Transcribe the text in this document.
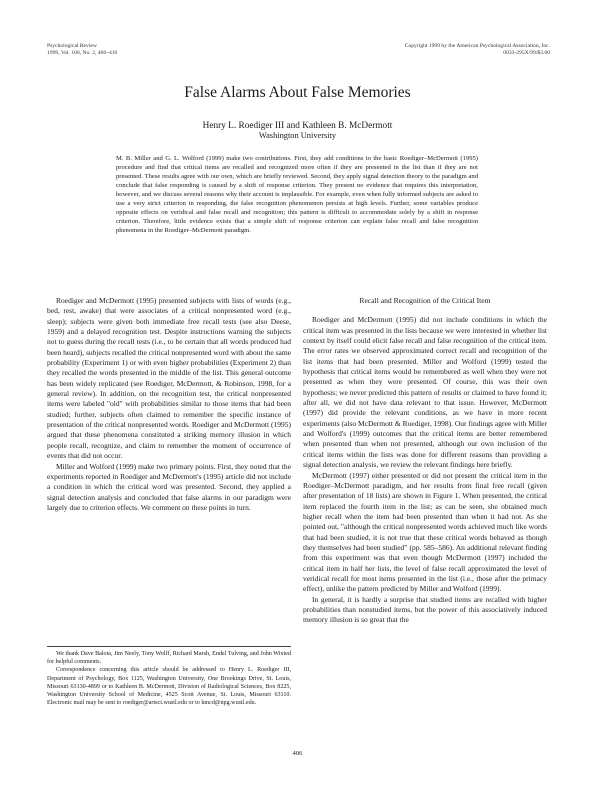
Psychological Review
1999, Vol. 106, No. 2, 406–410
Copyright 1999 by the American Psychological Association, Inc.
0033-295X/99/$3.00
False Alarms About False Memories
Henry L. Roediger III and Kathleen B. McDermott
Washington University

M. B. Miller and G. L. Wolford (1999) make two contributions. First, they add conditions to the basic Roediger–McDermott (1995) procedure and find that critical items are recalled and recognized more often if they are presented in the list than if they are not presented. These results agree with our own, which are briefly reviewed. Second, they apply signal detection theory to the paradigm and conclude that false responding is caused by a shift of response criterion. They present no evidence that requires this interpretation, however, and we discuss several reasons why their account is implausible. For example, even when fully informed subjects are asked to use a very strict criterion in responding, the false recognition phenomenon persists at high levels. Further, some variables produce opposite effects on veridical and false recall and recognition; this pattern is difficult to accommodate solely by a shift in response criterion. Therefore, little evidence exists that a simple shift of response criterion can explain false recall and false recognition phenomena in the Roediger–McDermott paradigm.

Roediger and McDermott (1995) presented subjects with lists of words (e.g., bed, rest, awake) that were associates of a critical nonpresented word (e.g., sleep); subjects were given both immediate free recall tests (see also Deese, 1959) and a delayed recognition test. Despite instructions warning the subjects not to guess during the recall tests (i.e., to be certain that all words produced had been heard), subjects recalled the critical nonpresented word with about the same probability (Experiment 1) or with even higher probabilities (Experiment 2) than they recalled the words presented in the middle of the list. This general outcome has been widely replicated (see Roediger, McDermott, & Robinson, 1998, for a general review). In addition, on the recognition test, the critical nonpresented items were labeled "old" with probabilities similar to those items that had been studied; further, subjects often claimed to remember the specific instance of presentation of the critical nonpresented words. Roediger and McDermott (1995) argued that these phenomena constituted a striking memory illusion in which people recall, recognize, and claim to remember the moment of occurrence of events that did not occur.

Miller and Wolford (1999) make two primary points. First, they noted that the experiments reported in Roediger and McDermott's (1995) article did not include a condition in which the critical word was presented. Second, they applied a signal detection analysis and concluded that false alarms in our paradigm were largely due to criterion effects. We comment on these points in turn.

We thank Dave Balota, Jim Neely, Tony Wolff, Richard Marsh, Endel Tulving, and John Wixted for helpful comments.

Correspondence concerning this article should be addressed to Henry L. Roediger III, Department of Psychology, Box 1125, Washington University, One Brookings Drive, St. Louis, Missouri 63130-4899 or to Kathleen B. McDermott, Division of Radiological Sciences, Box 8225, Washington University School of Medicine, 4525 Scott Avenue, St. Louis, Missouri 63110. Electronic mail may be sent to roediger@artsci.wustl.edu or to kmcd@npg.wustl.edu.

Recall and Recognition of the Critical Item

Roediger and McDermott (1995) did not include conditions in which the critical item was presented in the lists because we were interested in whether list context by itself could elicit false recall and false recognition of the critical item. The error rates we observed approximated correct recall and recognition of the list items that had been presented. Miller and Wolford (1999) tested the hypothesis that critical items would be remembered as well when they were not presented as when they were presented. Of course, this was their own hypothesis; we never predicted this pattern of results or claimed to have found it; after all, we did not have data relevant to that issue. However, McDermott (1997) did provide the relevant conditions, as we have in more recent experiments (also McDermott & Roediger, 1998). Our findings agree with Miller and Wolford's (1999) outcomes that the critical items are better remembered when presented than when not presented, although our own inclusion of the critical items within the lists was done for different reasons than providing a signal detection analysis, we review the relevant findings here briefly.

McDermott (1997) either presented or did not present the critical item in the Roediger–McDermott paradigm, and her results from final free recall (given after presentation of 18 lists) are shown in Figure 1. When presented, the critical item replaced the fourth item in the list; as can be seen, she obtained much higher recall when the item had been presented than when it had not. As she pointed out, "although the critical nonpresented words achieved much like words that had been studied, it is not true that these critical words behaved as though they themselves had been studied" (pp. 585–586). An additional relevant finding from this experiment was that even though McDermott (1997) included the critical item in half her lists, the level of false recall approximated the level of veridical recall for most items presented in the list (i.e., those after the primacy effect), unlike the pattern predicted by Miller and Wolford (1999).

In general, it is hardly a surprise that studied items are recalled with higher probabilities than nonstudied items, but the power of this associatively induced memory illusion is so great that the

406
